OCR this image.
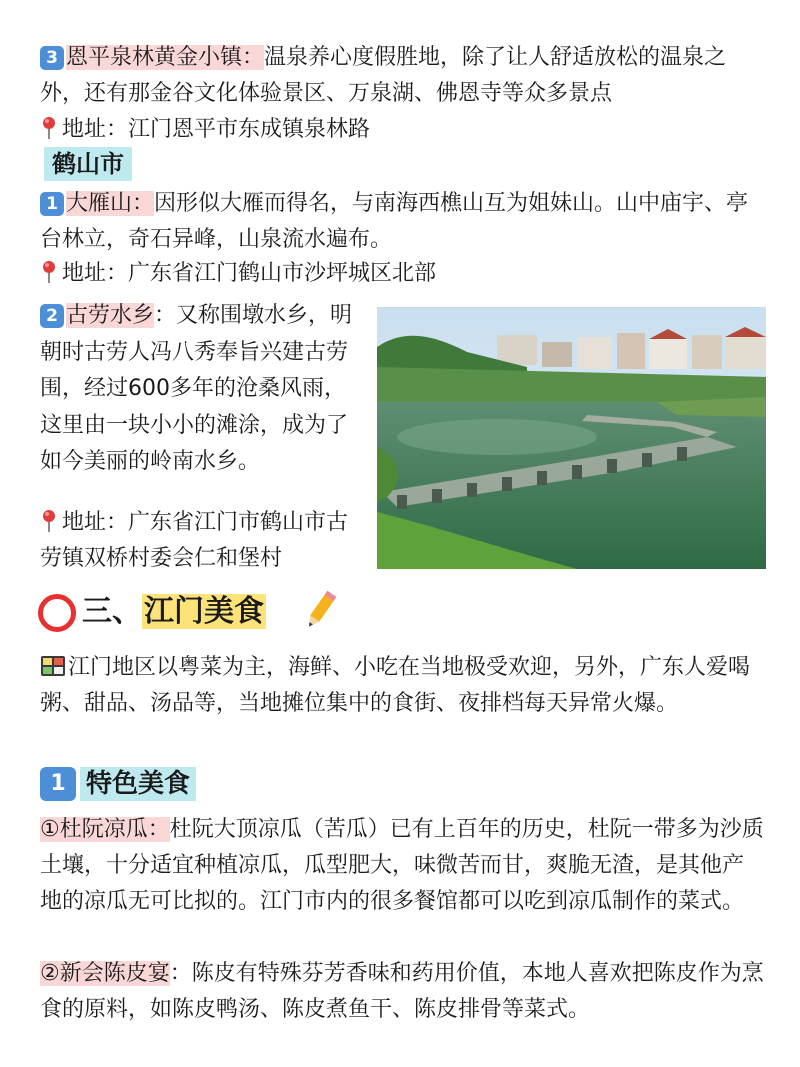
3 恩平泉林黄金小镇：温泉养心度假胜地，除了让人舒适放松的温泉之外，还有那金谷文化体验景区、万泉湖、佛恩寺等众多景点

地址：江门恩平市东成镇泉林路

鹤山市

1 大雁山：因形似大雁而得名，与南海西樵山互为姐妹山。山中庙宇、亭台林立，奇石异峰，山泉流水遍布。

地址：广东省江门鹤山市沙坪城区北部

2 古劳水乡：又称围墩水乡，明朝时古劳人冯八秀奉旨兴建古劳围，经过600多年的沧桑风雨，这里由一块小小的滩涂，成为了如今美丽的岭南水乡。

地址：广东省江门市鹤山市古劳镇双桥村委会仁和堡村

三、江门美食

江门地区以粤菜为主，海鲜、小吃在当地极受欢迎，另外，广东人爱喝粥、甜品、汤品等，当地摊位集中的食街、夜排档每天异常火爆。

1 特色美食

①杜阮凉瓜：杜阮大顶凉瓜（苦瓜）已有上百年的历史，杜阮一带多为沙质土壤，十分适宜种植凉瓜，瓜型肥大，味微苦而甘，爽脆无渣，是其他产地的凉瓜无可比拟的。江门市内的很多餐馆都可以吃到凉瓜制作的菜式。

②新会陈皮宴：陈皮有特殊芬芳香味和药用价值，本地人喜欢把陈皮作为烹食的原料，如陈皮鸭汤、陈皮煮鱼干、陈皮排骨等菜式。
